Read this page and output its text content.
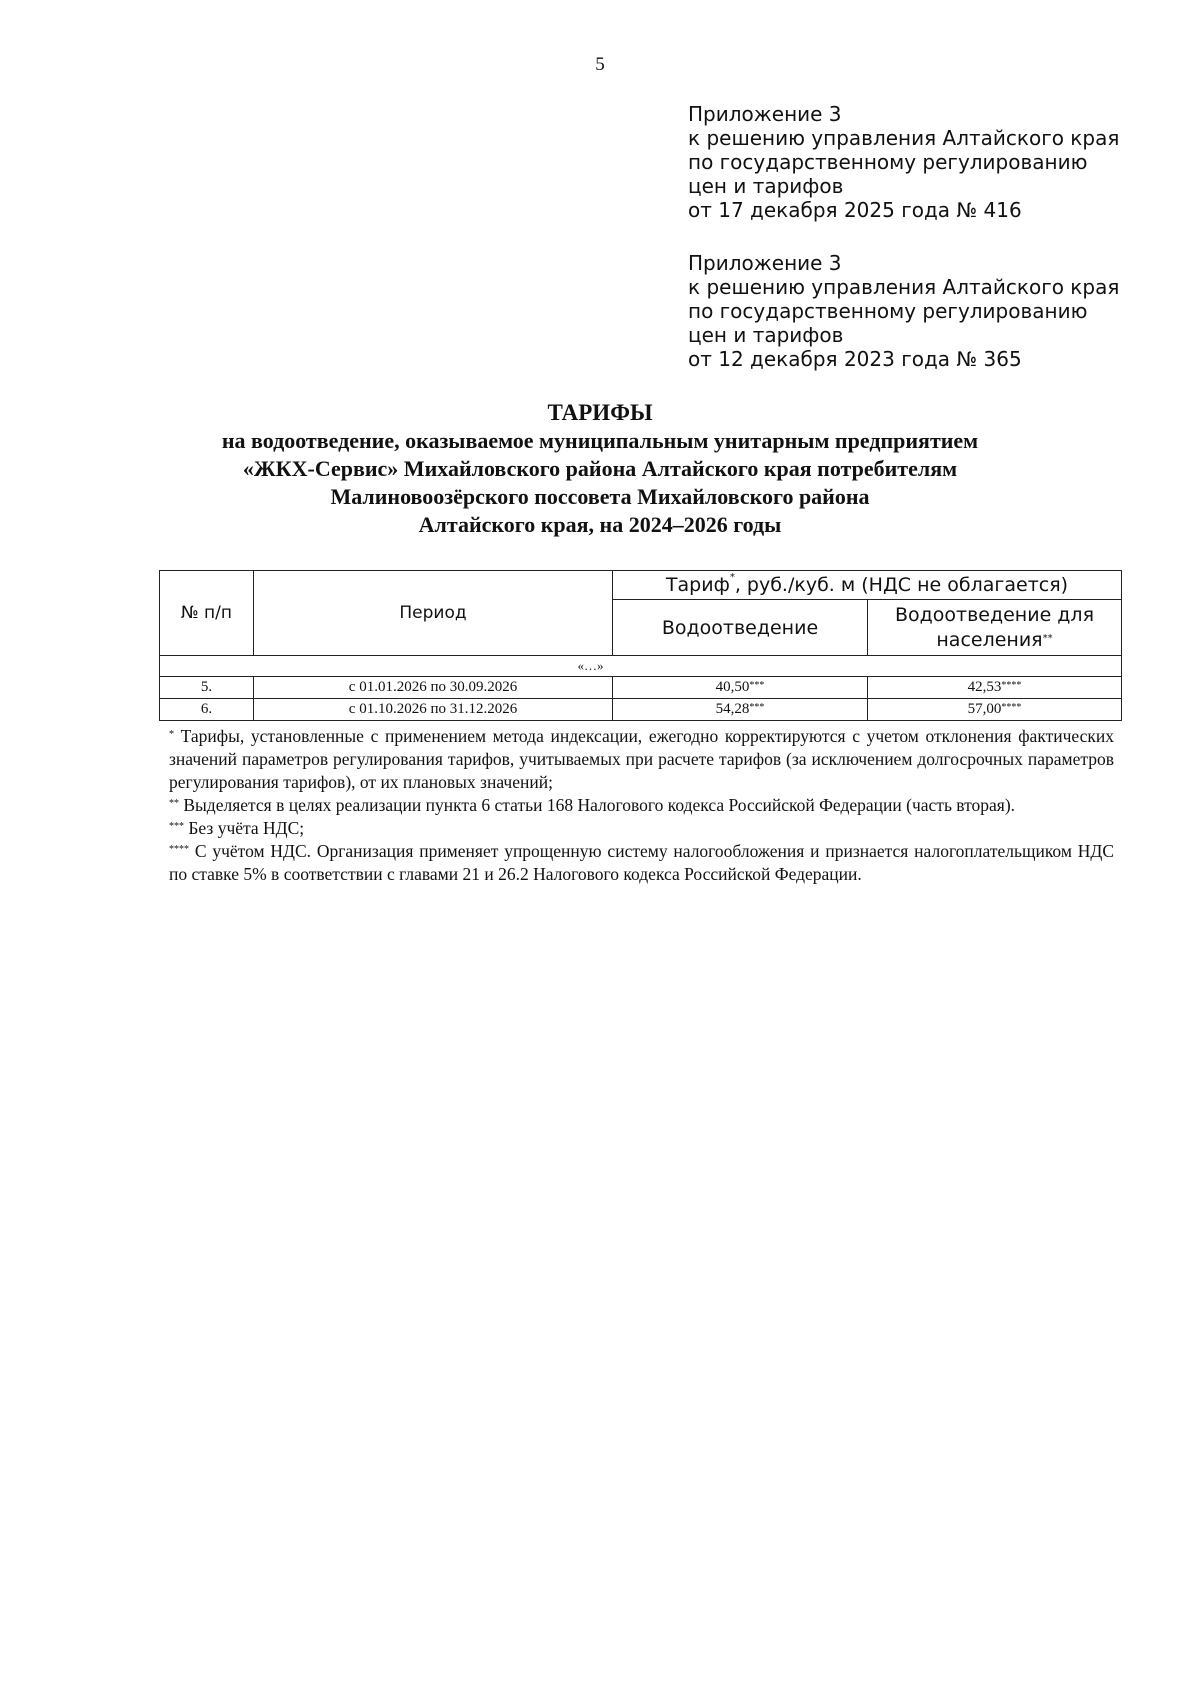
5
Приложение 3
к решению управления Алтайского края
по государственному регулированию
цен и тарифов
от 17 декабря 2025 года № 416
Приложение 3
к решению управления Алтайского края
по государственному регулированию
цен и тарифов
от 12 декабря 2023 года № 365
ТАРИФЫ
на водоотведение, оказываемое муниципальным унитарным предприятием
«ЖКХ-Сервис» Михайловского района Алтайского края потребителям
Малиновоозёрского поссовета Михайловского района
Алтайского края, на 2024–2026 годы
№ п/п	Период	Тариф*, руб./куб. м (НДС не облагается)	
		Водоотведение	Водоотведение для
населения**

«…»			
5.	с 01.01.2026 по 30.09.2026	40,50***	42,53****
6.	с 01.10.2026 по 31.12.2026	54,28***	57,00****

* Тарифы, установленные с применением метода индексации, ежегодно корректируются с учетом отклонения фактических значений параметров регулирования тарифов, учитываемых при расчете тарифов (за исключением долгосрочных параметров регулирования тарифов), от их плановых значений;

** Выделяется в целях реализации пункта 6 статьи 168 Налогового кодекса Российской Федерации (часть вторая).

*** Без учёта НДС;

**** С учётом НДС. Организация применяет упрощенную систему налогообложения и признается налогоплательщиком НДС по ставке 5% в соответствии с главами 21 и 26.2 Налогового кодекса Российской Федерации.
